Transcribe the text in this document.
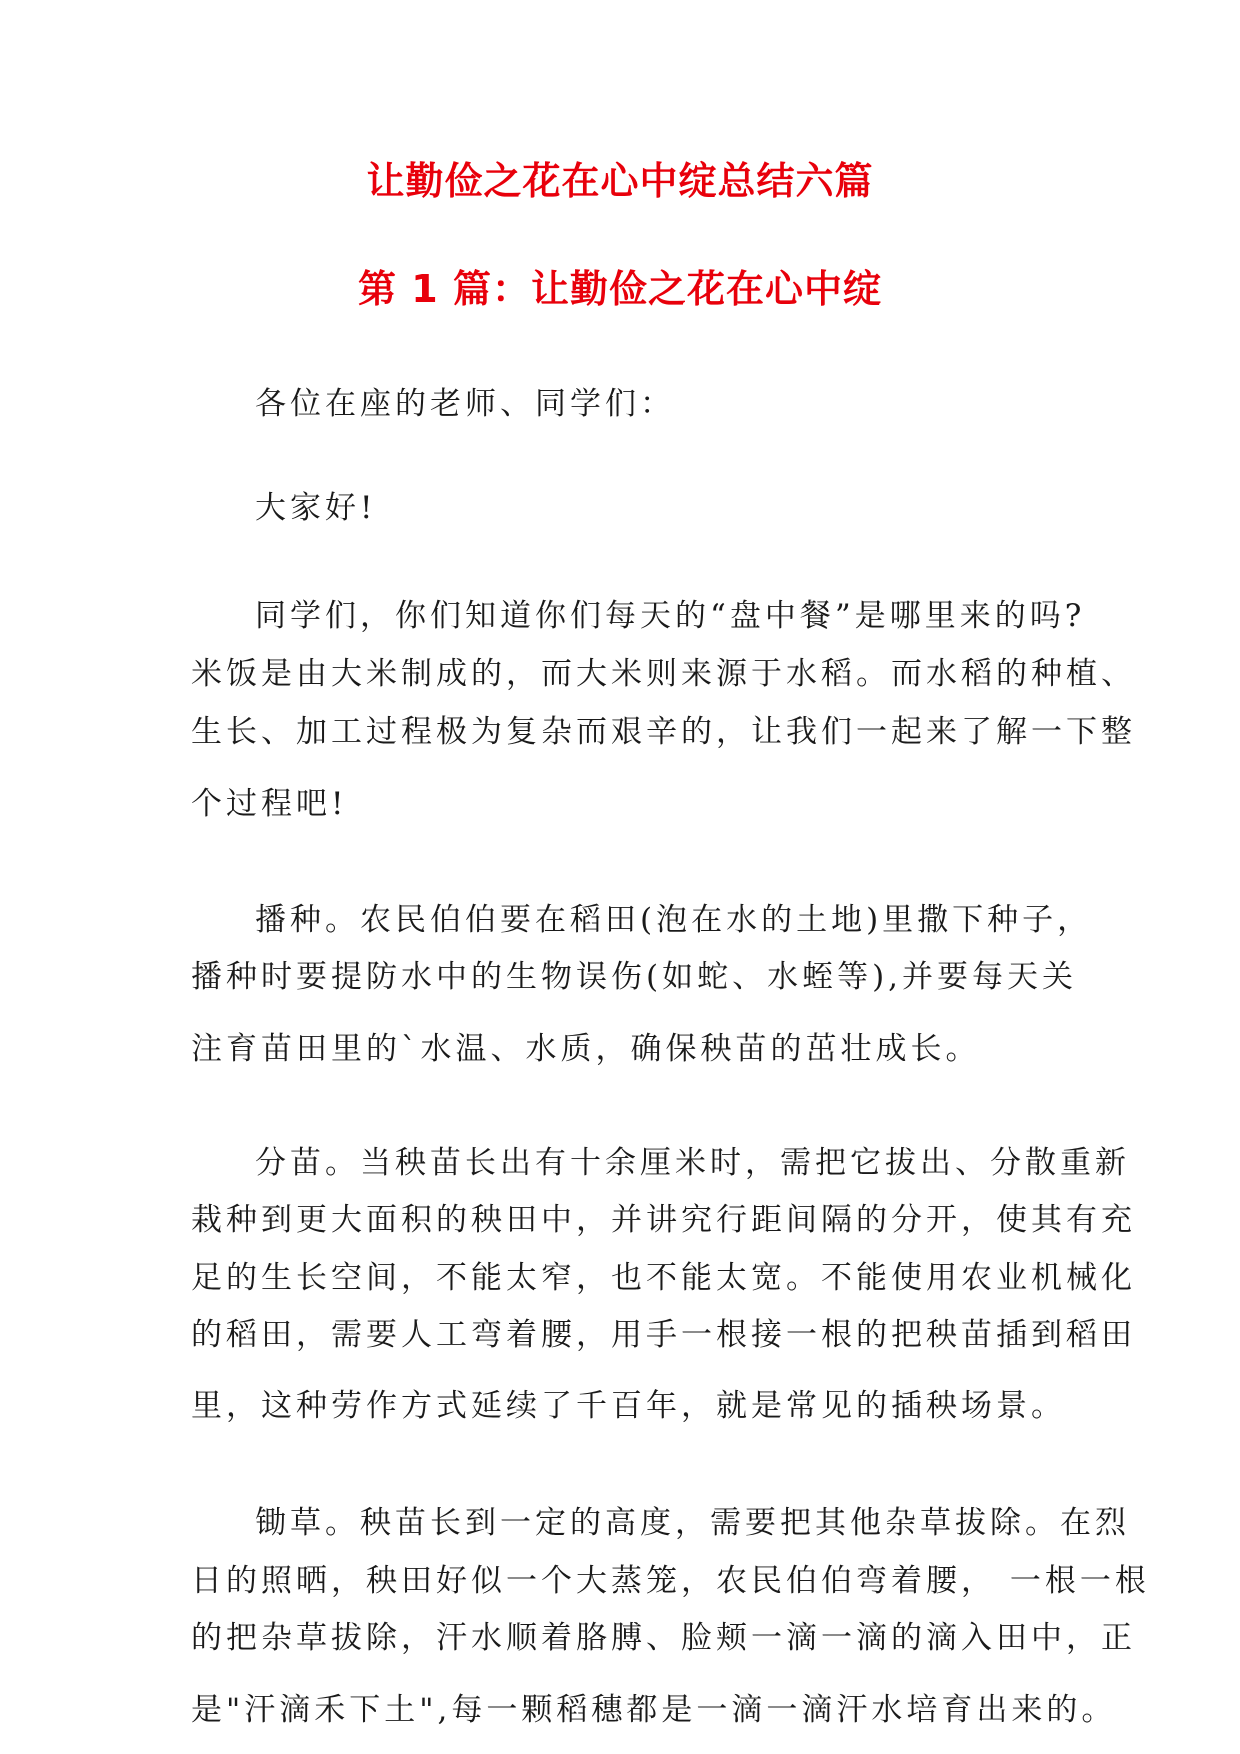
让勤俭之花在心中绽总结六篇
第 1 篇：让勤俭之花在心中绽
各位在座的老师、同学们：
大家好!
同学们，你们知道你们每天的“盘中餐”是哪里来的吗?
米饭是由大米制成的，而大米则来源于水稻。而水稻的种植、
生长、加工过程极为复杂而艰辛的，让我们一起来了解一下整
个过程吧!
播种。农民伯伯要在稻田(泡在水的土地)里撒下种子，
播种时要提防水中的生物误伤(如蛇、水蛭等),并要每天关
注育苗田里的`水温、水质，确保秧苗的茁壮成长。
分苗。当秧苗长出有十余厘米时，需把它拔出、分散重新
栽种到更大面积的秧田中，并讲究行距间隔的分开，使其有充
足的生长空间，不能太窄，也不能太宽。不能使用农业机械化
的稻田，需要人工弯着腰，用手一根接一根的把秧苗插到稻田
里，这种劳作方式延续了千百年，就是常见的插秧场景。
锄草。秧苗长到一定的高度，需要把其他杂草拔除。在烈
日的照晒，秧田好似一个大蒸笼，农民伯伯弯着腰， 一根一根
的把杂草拔除，汗水顺着胳膊、脸颊一滴一滴的滴入田中，正
是"汗滴禾下土",每一颗稻穗都是一滴一滴汗水培育出来的。
